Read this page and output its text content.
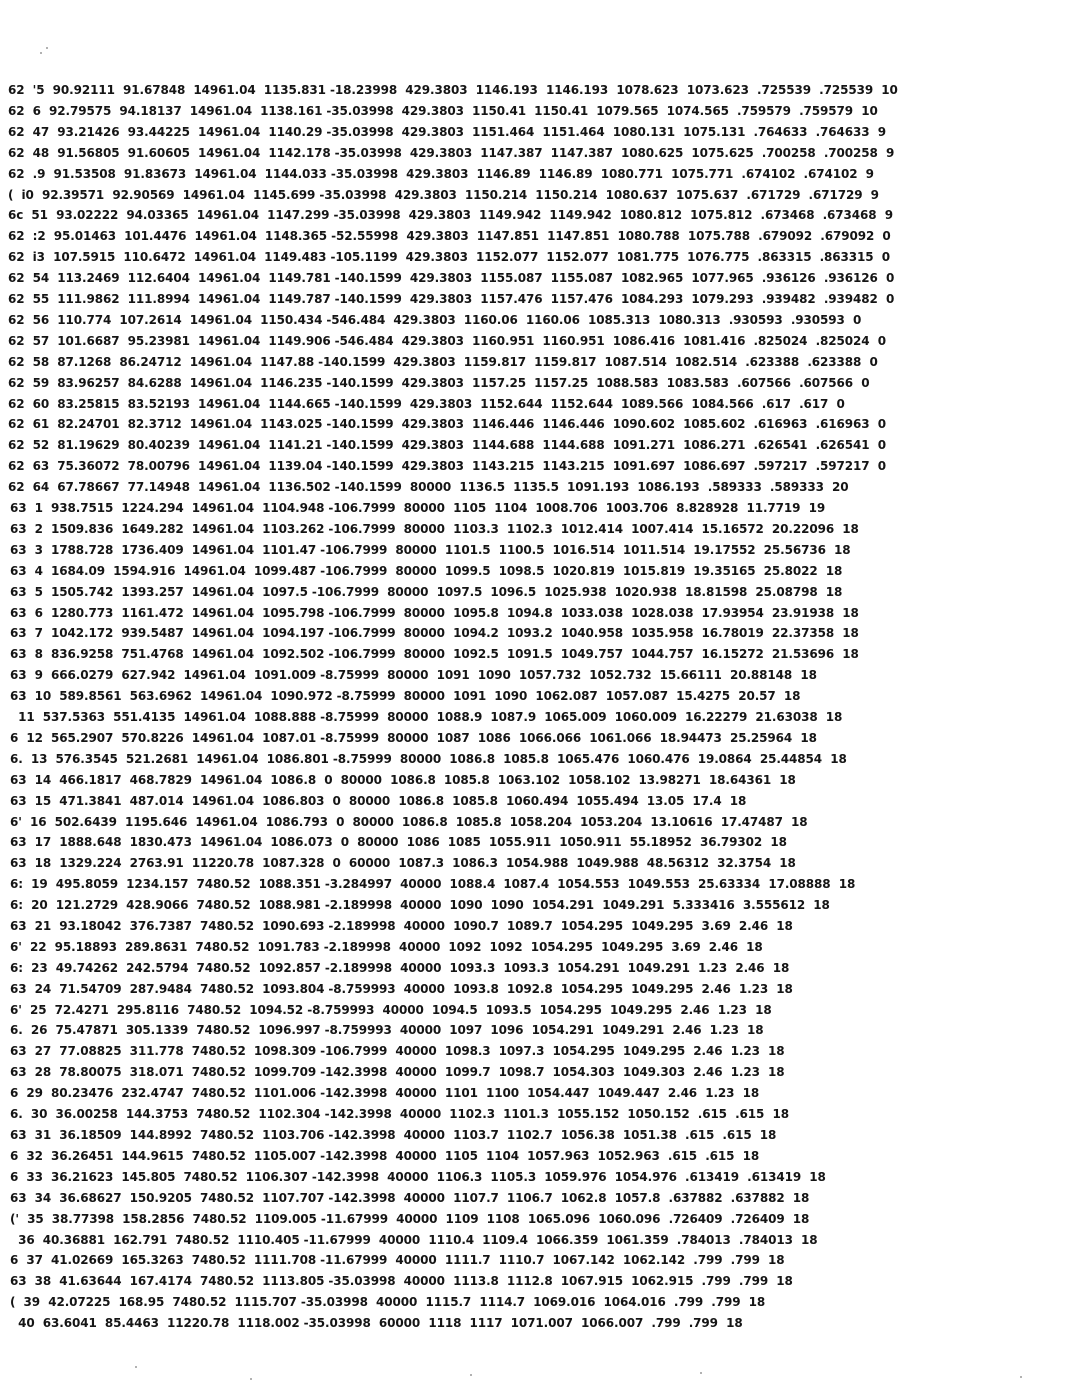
62  '5  90.92111  91.67848  14961.04  1135.831 -18.23998  429.3803  1146.193  1146.193  1078.623  1073.623  .725539  .725539  10
62  6  92.79575  94.18137  14961.04  1138.161 -35.03998  429.3803  1150.41  1150.41  1079.565  1074.565  .759579  .759579  10
62  47  93.21426  93.44225  14961.04  1140.29 -35.03998  429.3803  1151.464  1151.464  1080.131  1075.131  .764633  .764633  9
62  48  91.56805  91.60605  14961.04  1142.178 -35.03998  429.3803  1147.387  1147.387  1080.625  1075.625  .700258  .700258  9
62  .9  91.53508  91.83673  14961.04  1144.033 -35.03998  429.3803  1146.89  1146.89  1080.771  1075.771  .674102  .674102  9
(  i0  92.39571  92.90569  14961.04  1145.699 -35.03998  429.3803  1150.214  1150.214  1080.637  1075.637  .671729  .671729  9
6c  51  93.02222  94.03365  14961.04  1147.299 -35.03998  429.3803  1149.942  1149.942  1080.812  1075.812  .673468  .673468  9
62  :2  95.01463  101.4476  14961.04  1148.365 -52.55998  429.3803  1147.851  1147.851  1080.788  1075.788  .679092  .679092  0
62  i3  107.5915  110.6472  14961.04  1149.483 -105.1199  429.3803  1152.077  1152.077  1081.775  1076.775  .863315  .863315  0
62  54  113.2469  112.6404  14961.04  1149.781 -140.1599  429.3803  1155.087  1155.087  1082.965  1077.965  .936126  .936126  0
62  55  111.9862  111.8994  14961.04  1149.787 -140.1599  429.3803  1157.476  1157.476  1084.293  1079.293  .939482  .939482  0
62  56  110.774  107.2614  14961.04  1150.434 -546.484  429.3803  1160.06  1160.06  1085.313  1080.313  .930593  .930593  0
62  57  101.6687  95.23981  14961.04  1149.906 -546.484  429.3803  1160.951  1160.951  1086.416  1081.416  .825024  .825024  0
62  58  87.1268  86.24712  14961.04  1147.88 -140.1599  429.3803  1159.817  1159.817  1087.514  1082.514  .623388  .623388  0
62  59  83.96257  84.6288  14961.04  1146.235 -140.1599  429.3803  1157.25  1157.25  1088.583  1083.583  .607566  .607566  0
62  60  83.25815  83.52193  14961.04  1144.665 -140.1599  429.3803  1152.644  1152.644  1089.566  1084.566  .617  .617  0
62  61  82.24701  82.3712  14961.04  1143.025 -140.1599  429.3803  1146.446  1146.446  1090.602  1085.602  .616963  .616963  0
62  52  81.19629  80.40239  14961.04  1141.21 -140.1599  429.3803  1144.688  1144.688  1091.271  1086.271  .626541  .626541  0
62  63  75.36072  78.00796  14961.04  1139.04 -140.1599  429.3803  1143.215  1143.215  1091.697  1086.697  .597217  .597217  0
62  64  67.78667  77.14948  14961.04  1136.502 -140.1599  80000  1136.5  1135.5  1091.193  1086.193  .589333  .589333  20
63  1  938.7515  1224.294  14961.04  1104.948 -106.7999  80000  1105  1104  1008.706  1003.706  8.828928  11.7719  19
63  2  1509.836  1649.282  14961.04  1103.262 -106.7999  80000  1103.3  1102.3  1012.414  1007.414  15.16572  20.22096  18
63  3  1788.728  1736.409  14961.04  1101.47 -106.7999  80000  1101.5  1100.5  1016.514  1011.514  19.17552  25.56736  18
63  4  1684.09  1594.916  14961.04  1099.487 -106.7999  80000  1099.5  1098.5  1020.819  1015.819  19.35165  25.8022  18
63  5  1505.742  1393.257  14961.04  1097.5 -106.7999  80000  1097.5  1096.5  1025.938  1020.938  18.81598  25.08798  18
63  6  1280.773  1161.472  14961.04  1095.798 -106.7999  80000  1095.8  1094.8  1033.038  1028.038  17.93954  23.91938  18
63  7  1042.172  939.5487  14961.04  1094.197 -106.7999  80000  1094.2  1093.2  1040.958  1035.958  16.78019  22.37358  18
63  8  836.9258  751.4768  14961.04  1092.502 -106.7999  80000  1092.5  1091.5  1049.757  1044.757  16.15272  21.53696  18
63  9  666.0279  627.942  14961.04  1091.009 -8.75999  80000  1091  1090  1057.732  1052.732  15.66111  20.88148  18
63  10  589.8561  563.6962  14961.04  1090.972 -8.75999  80000  1091  1090  1062.087  1057.087  15.4275  20.57  18
11  537.5363  551.4135  14961.04  1088.888 -8.75999  80000  1088.9  1087.9  1065.009  1060.009  16.22279  21.63038  18
6  12  565.2907  570.8226  14961.04  1087.01 -8.75999  80000  1087  1086  1066.066  1061.066  18.94473  25.25964  18
6.  13  576.3545  521.2681  14961.04  1086.801 -8.75999  80000  1086.8  1085.8  1065.476  1060.476  19.0864  25.44854  18
63  14  466.1817  468.7829  14961.04  1086.8  0  80000  1086.8  1085.8  1063.102  1058.102  13.98271  18.64361  18
63  15  471.3841  487.014  14961.04  1086.803  0  80000  1086.8  1085.8  1060.494  1055.494  13.05  17.4  18
6'  16  502.6439  1195.646  14961.04  1086.793  0  80000  1086.8  1085.8  1058.204  1053.204  13.10616  17.47487  18
63  17  1888.648  1830.473  14961.04  1086.073  0  80000  1086  1085  1055.911  1050.911  55.18952  36.79302  18
63  18  1329.224  2763.91  11220.78  1087.328  0  60000  1087.3  1086.3  1054.988  1049.988  48.56312  32.3754  18
6:  19  495.8059  1234.157  7480.52  1088.351 -3.284997  40000  1088.4  1087.4  1054.553  1049.553  25.63334  17.08888  18
6:  20  121.2729  428.9066  7480.52  1088.981 -2.189998  40000  1090  1090  1054.291  1049.291  5.333416  3.555612  18
63  21  93.18042  376.7387  7480.52  1090.693 -2.189998  40000  1090.7  1089.7  1054.295  1049.295  3.69  2.46  18
6'  22  95.18893  289.8631  7480.52  1091.783 -2.189998  40000  1092  1092  1054.295  1049.295  3.69  2.46  18
6:  23  49.74262  242.5794  7480.52  1092.857 -2.189998  40000  1093.3  1093.3  1054.291  1049.291  1.23  2.46  18
63  24  71.54709  287.9484  7480.52  1093.804 -8.759993  40000  1093.8  1092.8  1054.295  1049.295  2.46  1.23  18
6'  25  72.4271  295.8116  7480.52  1094.52 -8.759993  40000  1094.5  1093.5  1054.295  1049.295  2.46  1.23  18
6.  26  75.47871  305.1339  7480.52  1096.997 -8.759993  40000  1097  1096  1054.291  1049.291  2.46  1.23  18
63  27  77.08825  311.778  7480.52  1098.309 -106.7999  40000  1098.3  1097.3  1054.295  1049.295  2.46  1.23  18
63  28  78.80075  318.071  7480.52  1099.709 -142.3998  40000  1099.7  1098.7  1054.303  1049.303  2.46  1.23  18
6  29  80.23476  232.4747  7480.52  1101.006 -142.3998  40000  1101  1100  1054.447  1049.447  2.46  1.23  18
6.  30  36.00258  144.3753  7480.52  1102.304 -142.3998  40000  1102.3  1101.3  1055.152  1050.152  .615  .615  18
63  31  36.18509  144.8992  7480.52  1103.706 -142.3998  40000  1103.7  1102.7  1056.38  1051.38  .615  .615  18
6  32  36.26451  144.9615  7480.52  1105.007 -142.3998  40000  1105  1104  1057.963  1052.963  .615  .615  18
6  33  36.21623  145.805  7480.52  1106.307 -142.3998  40000  1106.3  1105.3  1059.976  1054.976  .613419  .613419  18
63  34  36.68627  150.9205  7480.52  1107.707 -142.3998  40000  1107.7  1106.7  1062.8  1057.8  .637882  .637882  18
('  35  38.77398  158.2856  7480.52  1109.005 -11.67999  40000  1109  1108  1065.096  1060.096  .726409  .726409  18
36  40.36881  162.791  7480.52  1110.405 -11.67999  40000  1110.4  1109.4  1066.359  1061.359  .784013  .784013  18
6  37  41.02669  165.3263  7480.52  1111.708 -11.67999  40000  1111.7  1110.7  1067.142  1062.142  .799  .799  18
63  38  41.63644  167.4174  7480.52  1113.805 -35.03998  40000  1113.8  1112.8  1067.915  1062.915  .799  .799  18
(  39  42.07225  168.95  7480.52  1115.707 -35.03998  40000  1115.7  1114.7  1069.016  1064.016  .799  .799  18
40  63.6041  85.4463  11220.78  1118.002 -35.03998  60000  1118  1117  1071.007  1066.007  .799  .799  18
